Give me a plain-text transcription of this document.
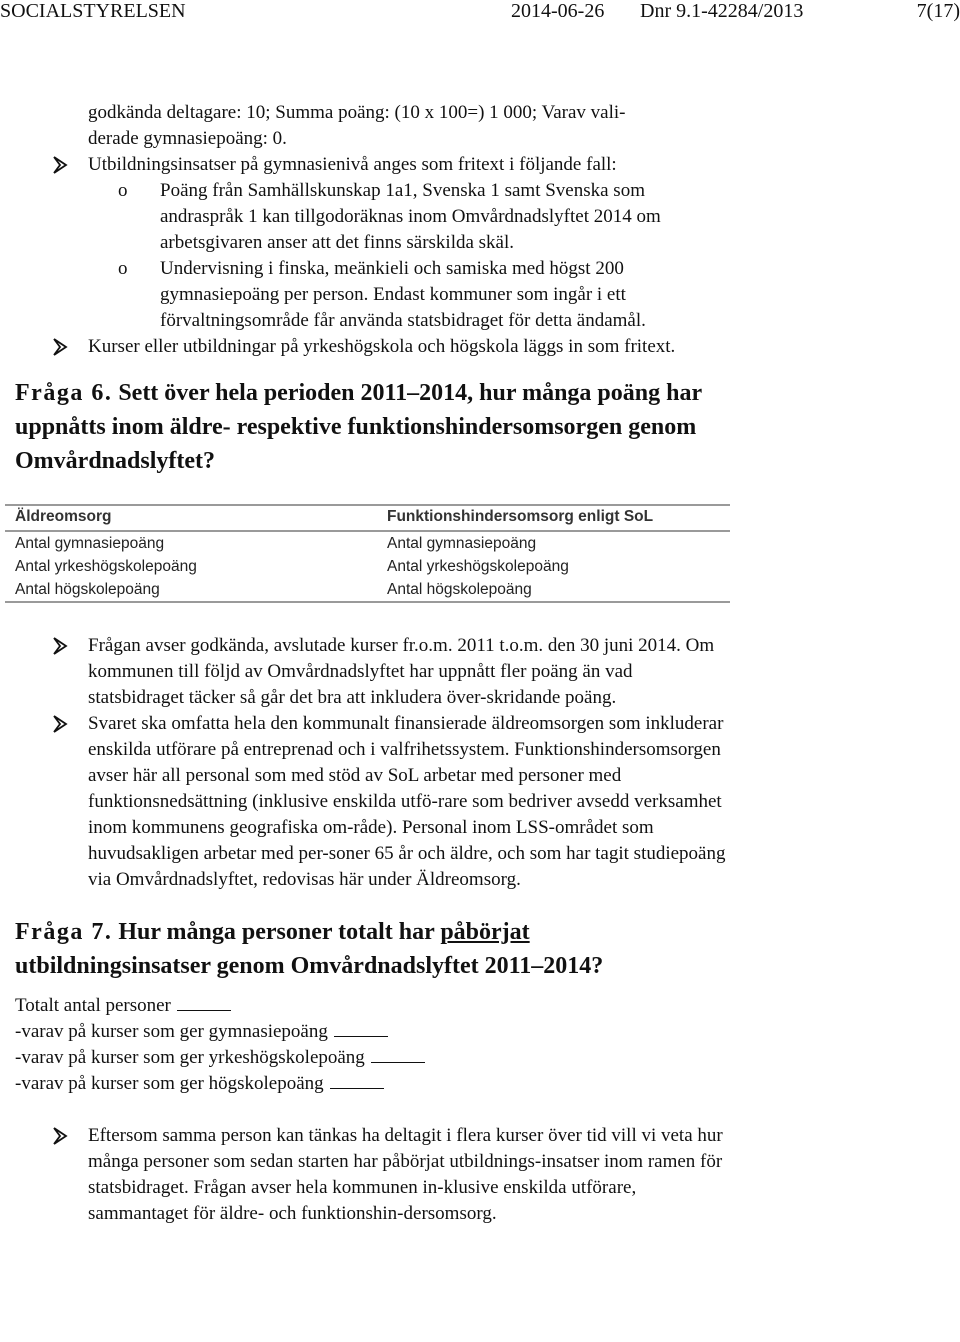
SOCIALSTYRELSEN	2014-06-26 Dnr 9.1-42284/2013	7(17)
godkända deltagare: 10; Summa poäng: (10 x 100=) 1 000; Varav vali-
derade gymnasiepoäng: 0.
Utbildningsinsatser på gymnasienivå anges som fritext i följande fall:
o Poäng från Samhällskunskap 1a1, Svenska 1 samt Svenska som andraspråk 1 kan tillgodoräknas inom Omvårdnadslyftet 2014 om arbetsgivaren anser att det finns särskilda skäl.
o Undervisning i finska, meänkieli och samiska med högst 200 gymnasiepoäng per person. Endast kommuner som ingår i ett förvaltningsområde får använda statsbidraget för detta ändamål.
Kurser eller utbildningar på yrkeshögskola och högskola läggs in som fritext.
Fråga 6. Sett över hela perioden 2011–2014, hur många poäng har uppnåtts inom äldre- respektive funktionshindersomsorgen genom Omvårdnadslyftet?
Äldreomsorg	Funktionshindersomsorg enligt SoL
Antal gymnasiepoäng	Antal gymnasiepoäng
Antal yrkeshögskolepoäng	Antal yrkeshögskolepoäng
Antal högskolepoäng	Antal högskolepoäng
Frågan avser godkända, avslutade kurser fr.o.m. 2011 t.o.m. den 30 juni 2014. Om kommunen till följd av Omvårdnadslyftet har uppnått fler poäng än vad statsbidraget täcker så går det bra att inkludera över-skridande poäng.
Svaret ska omfatta hela den kommunalt finansierade äldreomsorgen som inkluderar enskilda utförare på entreprenad och i valfrihetssystem. Funktionshindersomsorgen avser här all personal som med stöd av SoL arbetar med personer med funktionsnedsättning (inklusive enskilda utfö-rare som bedriver avsedd verksamhet inom kommunens geografiska om-råde). Personal inom LSS-området som huvudsakligen arbetar med per-soner 65 år och äldre, och som har tagit studiepoäng via Omvårdnadslyftet, redovisas här under Äldreomsorg.
Fråga 7. Hur många personer totalt har påbörjat utbildningsinsatser genom Omvårdnadslyftet 2011–2014?
Totalt antal personer
-varav på kurser som ger gymnasiepoäng
-varav på kurser som ger yrkeshögskolepoäng
-varav på kurser som ger högskolepoäng
Eftersom samma person kan tänkas ha deltagit i flera kurser över tid vill vi veta hur många personer som sedan starten har påbörjat utbildnings-insatser inom ramen för statsbidraget. Frågan avser hela kommunen in-klusive enskilda utförare, sammantaget för äldre- och funktionshin-dersomsorg.
